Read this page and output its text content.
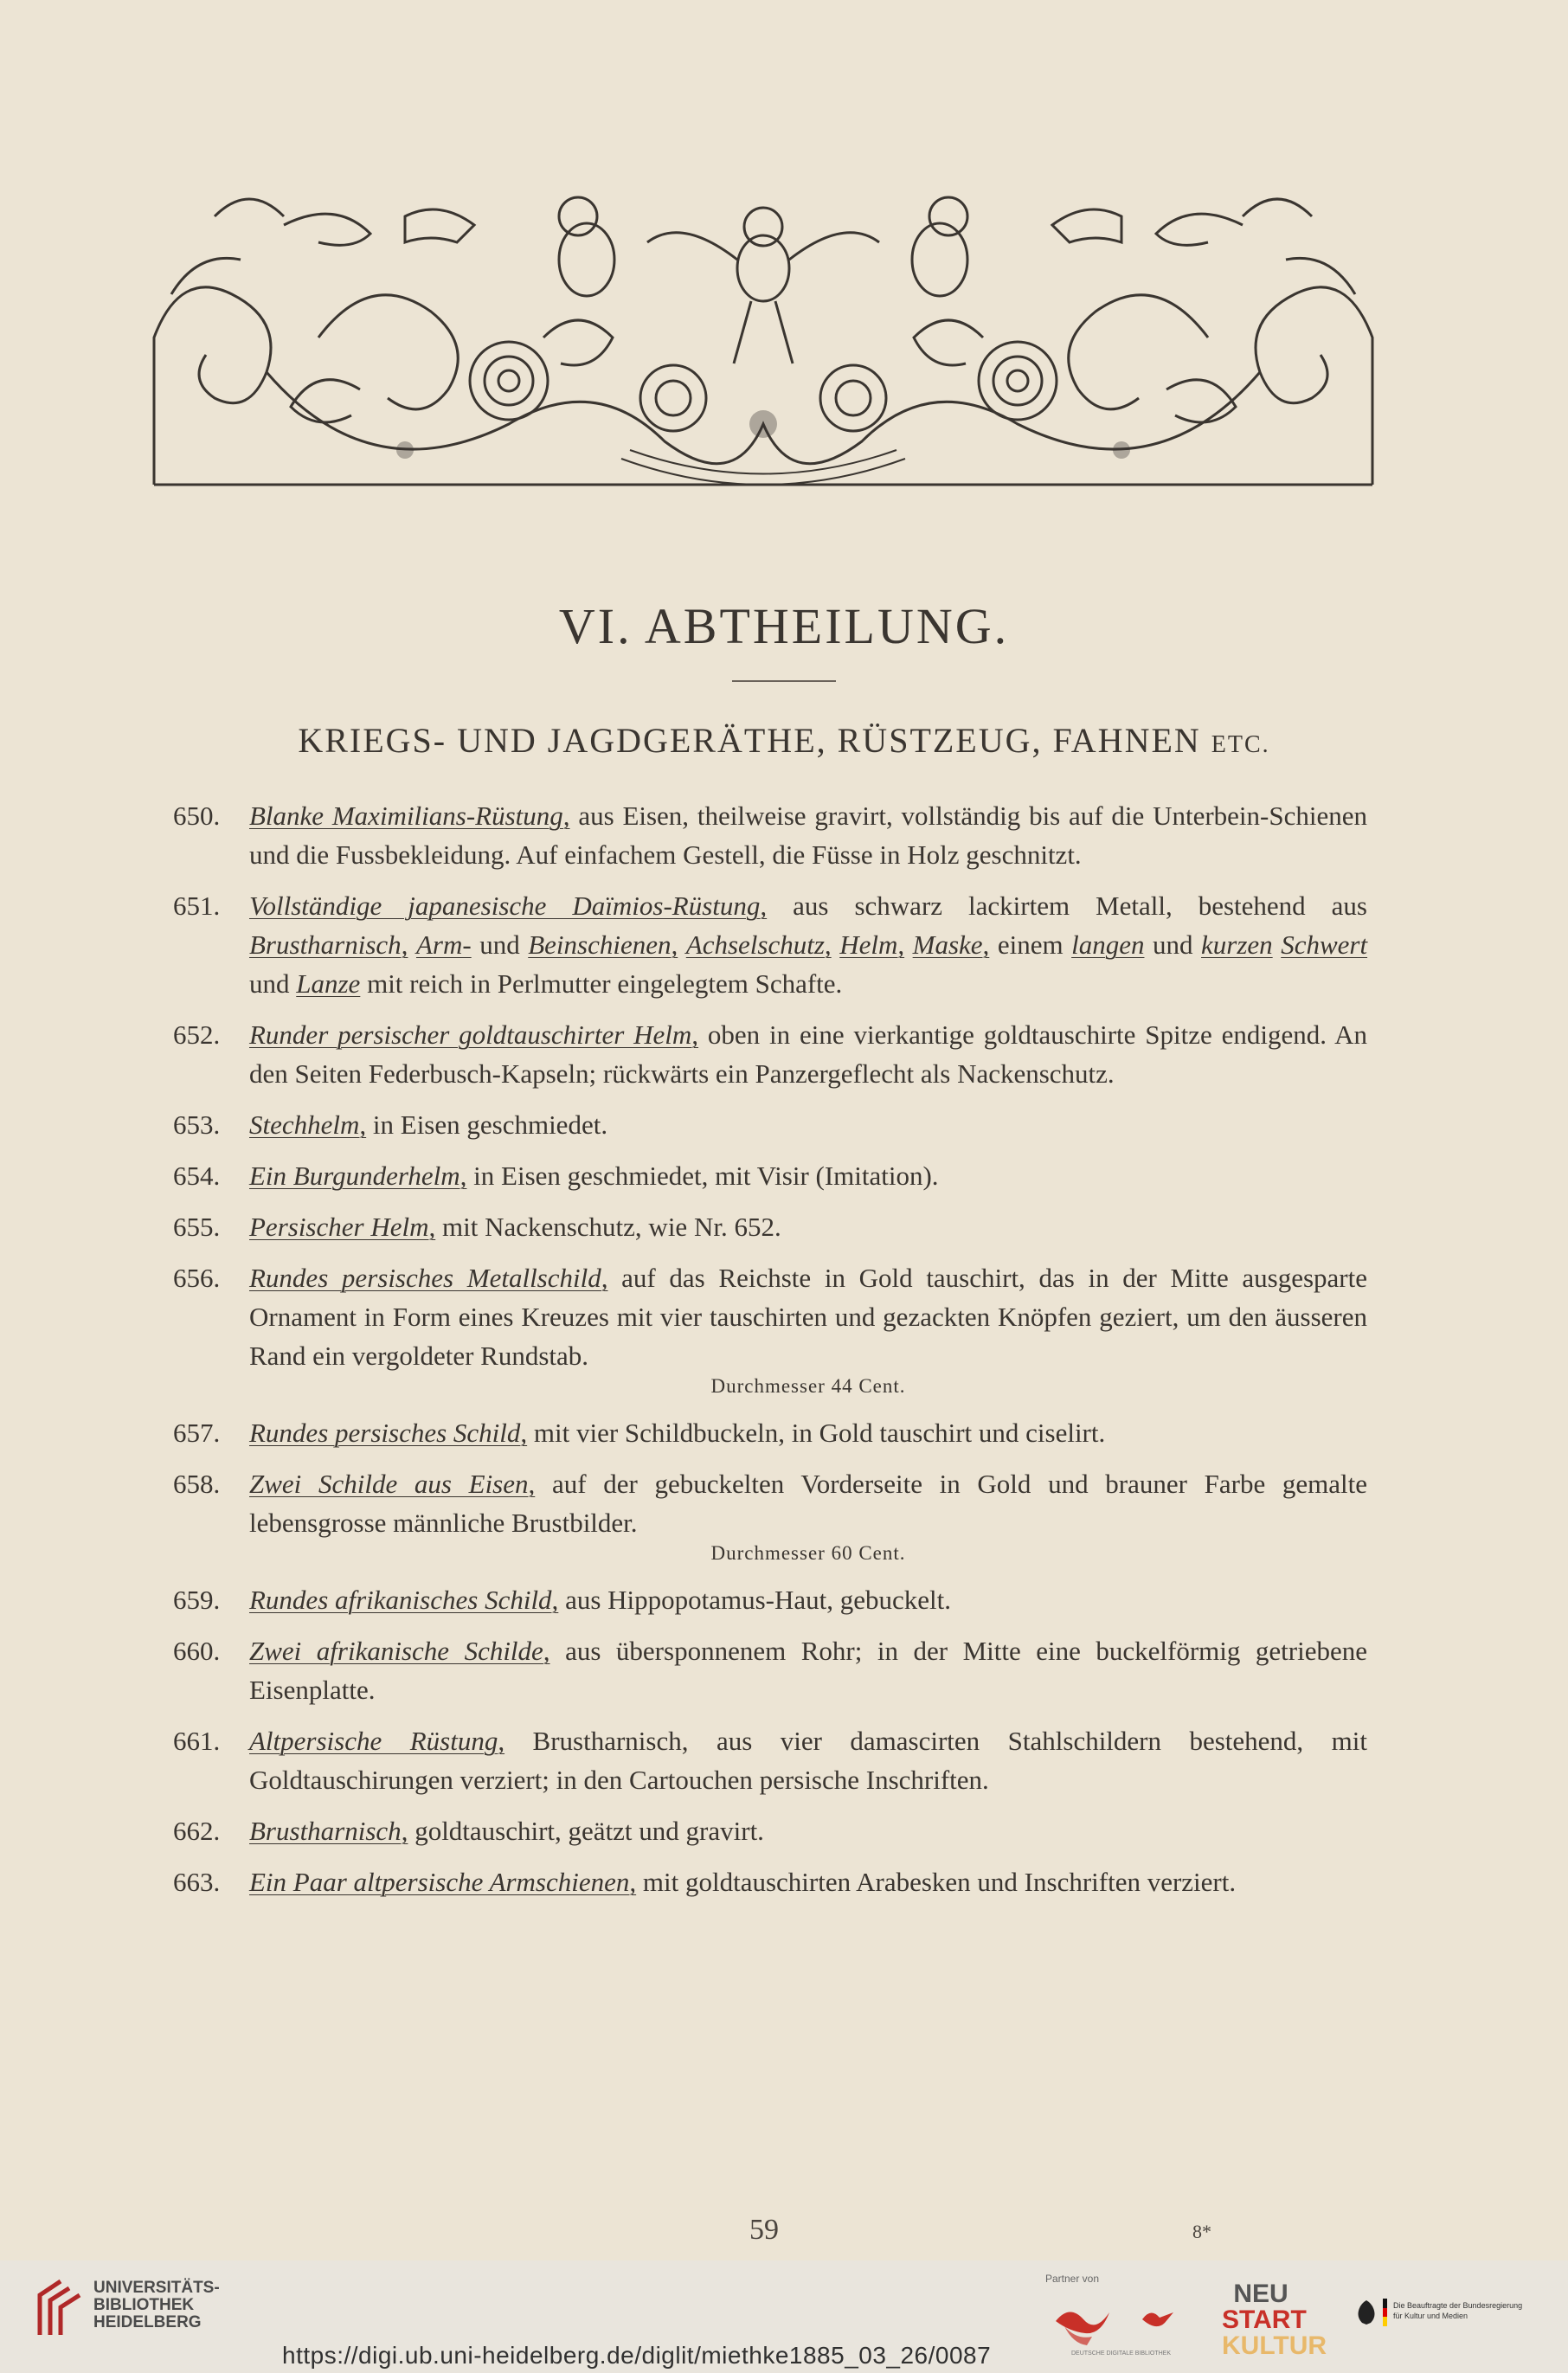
VI. ABTHEILUNG.
KRIEGS- UND JAGDGERÄTHE, RÜSTZEUG, FAHNEN ETC.
650.	Blanke Maximilians-Rüstung, aus Eisen, theilweise gravirt, vollständig bis auf die Unterbein-Schienen und die Fussbekleidung. Auf einfachem Gestell, die Füsse in Holz geschnitzt.
651.	Vollständige japanesische Daïmios-Rüstung, aus schwarz lackirtem Metall, bestehend aus Brustharnisch, Arm- und Beinschienen, Achselschutz, Helm, Maske, einem langen und kurzen Schwert und Lanze mit reich in Perlmutter eingelegtem Schafte.
652.	Runder persischer goldtauschirter Helm, oben in eine vierkantige goldtauschirte Spitze endigend. An den Seiten Federbusch-Kapseln; rückwärts ein Panzergeflecht als Nackenschutz.
653.	Stechhelm, in Eisen geschmiedet.
654.	Ein Burgunderhelm, in Eisen geschmiedet, mit Visir (Imitation).
655.	Persischer Helm, mit Nackenschutz, wie Nr. 652.
656.	Rundes persisches Metallschild, auf das Reichste in Gold tauschirt, das in der Mitte ausgesparte Ornament in Form eines Kreuzes mit vier tauschirten und gezackten Knöpfen geziert, um den äusseren Rand ein vergoldeter Rundstab.
Durchmesser 44 Cent.
657.	Rundes persisches Schild, mit vier Schildbuckeln, in Gold tauschirt und ciselirt.
658.	Zwei Schilde aus Eisen, auf der gebuckelten Vorderseite in Gold und brauner Farbe gemalte lebensgrosse männliche Brustbilder.
Durchmesser 60 Cent.
659.	Rundes afrikanisches Schild, aus Hippopotamus-Haut, gebuckelt.
660.	Zwei afrikanische Schilde, aus übersponnenem Rohr; in der Mitte eine buckelförmig getriebene Eisenplatte.
661.	Altpersische Rüstung, Brustharnisch, aus vier damascirten Stahlschildern bestehend, mit Goldtauschirungen verziert; in den Cartouchen persische Inschriften.
662.	Brustharnisch, goldtauschirt, geätzt und gravirt.
663.	Ein Paar altpersische Armschienen, mit goldtauschirten Arabesken und Inschriften verziert.
59	8*
UNIVERSITÄTS-
BIBLIOTHEK
HEIDELBERG
https://digi.ub.uni-heidelberg.de/diglit/miethke1885_03_26/0087
Partner von
DEUTSCHE DIGITALE BIBLIOTHEK
NEU
START
KULTUR
Die Beauftragte der Bundesregierung
für Kultur und Medien
